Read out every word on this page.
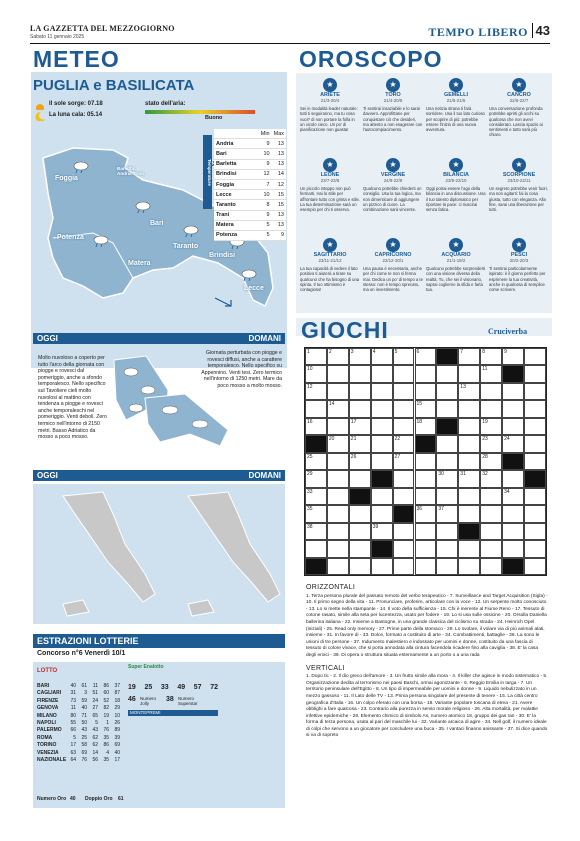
LA GAZZETTA DEL MEZZOGIORNO
Sabato 11 gennaio 2025	TEMPO LIBERO 43
METEO
PUGLIA e BASILICATA
Il sole sorge: 07.18
La luna cala: 05.14
stato dell'aria:
Buono
Foggia
Barletta Andria Trani
Bari
Potenza
Matera
Taranto
Brindisi
Lecce
	Min	Max
Andria	9	13
Bari	10	13
Barletta	9	13
Brindisi	12	14
Foggia	7	12
Lecce	10	15
Taranto	8	15
Trani	9	13
Matera	5	13
Potenza	5	9
Temperature
OGGI	DOMANI
Molto nuvoloso a coperto per tutto l'arco della giornata con piogge e rovesci dal pomeriggio, anche a sfondo temporalesco. Nello specifico sul Tavoliere cieli molto nuvolosi al mattino con tendenza a piogge e rovesci anche temporaleschi nel pomeriggio. Venti deboli. Zero termico nell'intorno di 2150 metri. Basso Adriatico da mosso a poco mosso.
Giornata perturbata con piogge e rovesci diffusi, anche a carattere temporalesco. Nello specifico su Appennino. Venti tesi. Zero termico nell'intorno di 1250 metri. Mare da poco mosso a molto mosso.
OGGI	DOMANI
ESTRAZIONI LOTTERIE
Concorso n°6 Venerdì 10/1
LOTTO
Super Enalotto
BARI	40	61	11	86	37
CAGLIARI	31	3	51	60	87
FIRENZE	73	59	24	52	18
GENOVA	11	40	27	82	29
MILANO	80	71	65	19	10
NAPOLI	55	50	5	1	26
PALERMO	66	43	43	76	89
ROMA	5	25	62	35	39
TORINO	17	58	62	86	69
VENEZIA	63	69	14	4	40
NAZIONALE 64	76	56	35	17
19 25 33 49 57 72
46 Numero Jolly
38 Numero Superstar
MONTEPREMI
Numero Oro 40 Doppio Oro 61
OROSCOPO
★
ARIETE
21/3-20/4
Sei in modalità leader naturale: tutti ti seguiranno, ma tu cosa vuoi? di non portare la folla in un vicolo cieco. Un po' di pianificazione non guasta!
★
TORO
21/4-20/5
Ti sentirai insaziabile e lo sarai davvero. Approfittane per conquistare ciò che desideri, ma attento a non esagerare con l'autocompiacimento.
★
GEMELLI
21/5-21/6
Una notizia strana ti farà sorridere. Usa il tuo lato curioso per scoprire di più: potrebbe essere l'inizio di una nuova avventura.
★
CANCRO
22/6-22/7
Una conversazione profonda potrebbe aprirti gli occhi su qualcosa che non avevi considerato. Lascia spazio ai sentimenti e tutto sarà più chiaro.
★
LEONE
23/7-23/8
Un piccolo intoppo non può fermarti. Hai lo stile per affrontare tutto con grinta e stile. La tua determinazione sarà un esempio per chi ti osserva.
★
VERGINE
24/8-22/9
Qualcuno potrebbe chiederti un consiglio. Usa la tua logica, ma non dimenticare di aggiungere un pizzico di cuore. La combinazione sarà vincente.
★
BILANCIA
23/9-22/10
Oggi potrai essere l'ago della bilancia in una discussione. Usa il tuo talento diplomatico per riportare la pace: ci riuscirai senza fatica.
★
SCORPIONE
23/10-22/11
Un segreto potrebbe venir fuori, ma non agitarti: fai la cosa giusta, tutto con eleganza. Alla fine, sarai una liberazione per tutti.
★
SAGITTARIO
23/11-21/12
La tua capacità di vedere il lato positivo ti aiuterà a tirare su qualcuno che ha bisogno di una spinta. Il tuo ottimismo è contagioso!
★
CAPRICORNO
22/12-20/1
Una pausa è necessaria, anche per chi come te non si ferma mai. Dedica un po' di tempo a te stesso: non è tempo sprecato, ma un investimento.
★
ACQUARIO
21/1-19/2
Qualcuno potrebbe sorprenderti con una visione diversa della realtà. Tu, che sei il visionario, saprai coglierne la sfida e farla tua.
★
PESCI
20/2-20/3
Ti sentirai particolarmente ispirato: è il giorno perfetto per esprimere la tua creatività, anche in qualcosa di semplice come scrivere.
GIOCHI	Cruciverba
1	2	3	4	5	6	7	8	9
10	11
12	13
14	15
16	17	18	19
20	21	22	23	24
25	26	27	28
29	30	31	32
33	34
35	36	37
38	39
ORIZZONTALI
1. Terza persona plurale del passato remoto del verbo terapeutico - 7. Surveillance and Target Acquisition (Sigla) - 10. Il primo segno della vita - 11. Pronunciare, proferire, articolare con la voce - 12. Un serpente molto conosciuto - 13. Lo si mette nella stampante - 14. Il voto della sufficienza - 15. Chi è inerente al Fiume Reno - 17. Tessuto di cotone rasato, simile alla seta per lucentezza, usato per fodere - 19. Lo si usa sulle ossicine - 20. Orsolla Daniella ballerina italiana - 22. Insieme a Bastogne, in una grande classica del ciclismo su strada - 24. Heinrich Opel (iniziali) - 25. Read only memory - 27. Prime parte della stomaco - 29. Lo svolare, il volare via di più animali alati, insieme - 31. In favore di - 33. Dolce, formato a costituito di arte - 34. Combattimenti, battaglie - 36. La sono le unioni di tre persone - 37. Indumento malestiero e indossato per uomini e donne, costituito da una fascia di tessuto di colore vivace, che si porta annodata alla cintura facendola ricadere fino alla caviglia - 38. E' la casa degli eroici - 39. Di opera o struttura situata esternamente a un porto o a una rada
VERTICALI
1. Dopo tic - 2. Il dio greco dell'amore - 3. Un frutto simile alla mora - 4. Il killer che agisce in modo sistematico - 5. Organizzazione dedita al terrorismo nei paesi Baschi, ormai agonizzante - 6. Reggio Emilia in targa - 7. Un territorio peninsulare dell'Egitto - 8. Un tipo di impermeabile per uomini e donne - 9. Liquido nebulizzato in un mezzo gassoso - 11. Il Lato delle TV - 13. Prima persona singolare del presente di tenere - 15. La città centro geografica d'Italia - 16. Un colpo eferato con una borsa - 18. Variante popolare toscana di etrea - 21. Avere obblighi a fare qualcosa - 23. Contrario alla purezza in senso morale religioso - 26. Alta mortalità, per malattie infettive epidemiche - 28. Elemento chimico di simbolo As, numero atomico 18, gruppo dei gas rari - 30. E' la forma di terza persona, usata al pari del maschile lui - 32. Variante arcaica di agire - 34. Nell golf, il numero ideale di colpi che servono a un giocatore per concludere una buca - 35. I vantaci finanno anissante - 37. Si dice quando si va di sopreto
